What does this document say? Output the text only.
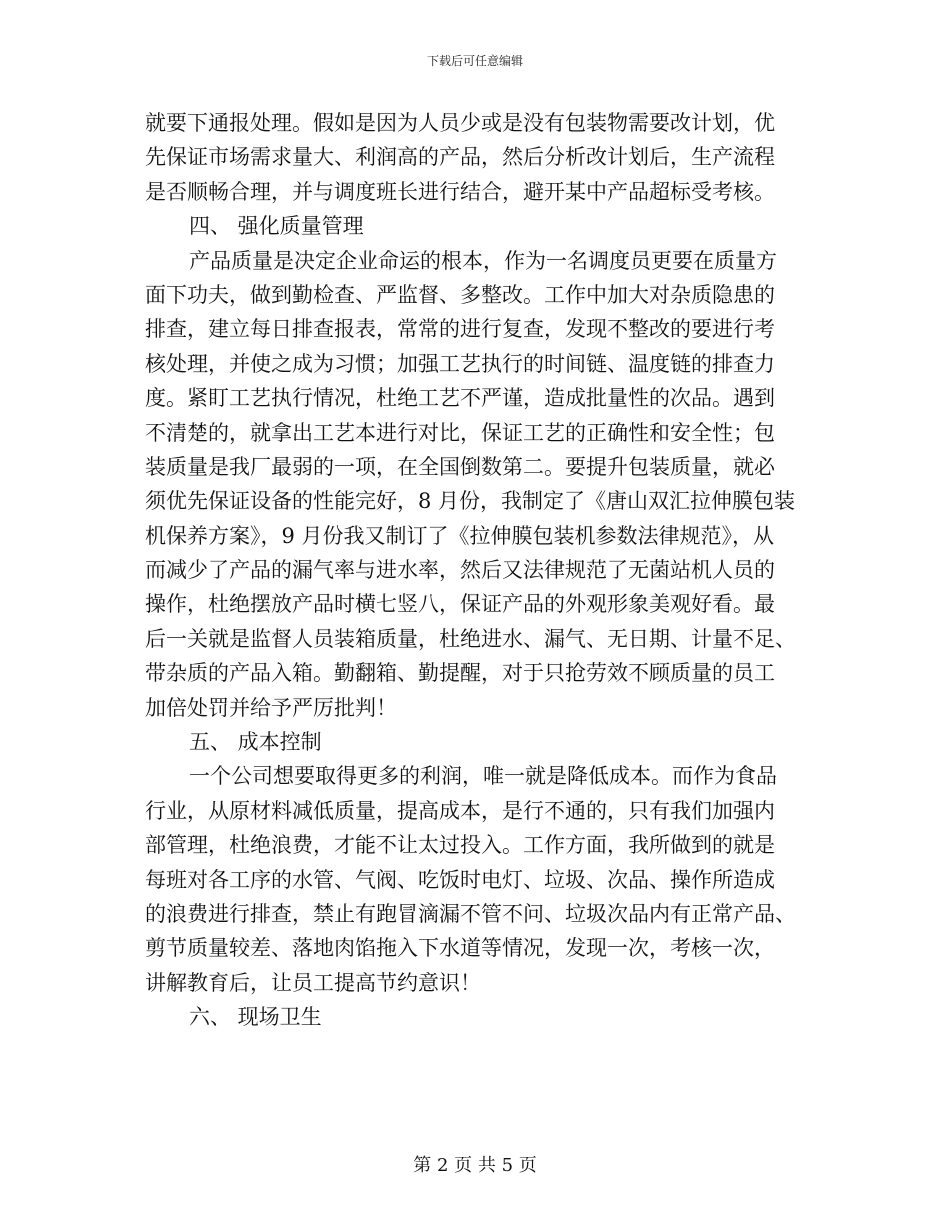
下载后可任意编辑
就要下通报处理。假如是因为人员少或是没有包装物需要改计划，优
先保证市场需求量大、利润高的产品，然后分析改计划后，生产流程
是否顺畅合理，并与调度班长进行结合，避开某中产品超标受考核。
四、 强化质量管理
产品质量是决定企业命运的根本，作为一名调度员更要在质量方
面下功夫，做到勤检查、严监督、多整改。工作中加大对杂质隐患的
排查，建立每日排查报表，常常的进行复查，发现不整改的要进行考
核处理，并使之成为习惯；加强工艺执行的时间链、温度链的排查力
度。紧盯工艺执行情况，杜绝工艺不严谨，造成批量性的次品。遇到
不清楚的，就拿出工艺本进行对比，保证工艺的正确性和安全性；包
装质量是我厂最弱的一项，在全国倒数第二。要提升包装质量，就必
须优先保证设备的性能完好，8 月份，我制定了《唐山双汇拉伸膜包装
机保养方案》，9 月份我又制订了《拉伸膜包装机参数法律规范》，从
而减少了产品的漏气率与进水率，然后又法律规范了无菌站机人员的
操作，杜绝摆放产品时横七竖八，保证产品的外观形象美观好看。最
后一关就是监督人员装箱质量，杜绝进水、漏气、无日期、计量不足、
带杂质的产品入箱。勤翻箱、勤提醒，对于只抢劳效不顾质量的员工
加倍处罚并给予严厉批判！
五、 成本控制
一个公司想要取得更多的利润，唯一就是降低成本。而作为食品
行业，从原材料减低质量，提高成本，是行不通的，只有我们加强内
部管理，杜绝浪费，才能不让太过投入。工作方面，我所做到的就是
每班对各工序的水管、气阀、吃饭时电灯、垃圾、次品、操作所造成
的浪费进行排查，禁止有跑冒滴漏不管不问、垃圾次品内有正常产品、
剪节质量较差、落地肉馅拖入下水道等情况，发现一次，考核一次，
讲解教育后，让员工提高节约意识！
六、 现场卫生
第 2 页 共 5 页
